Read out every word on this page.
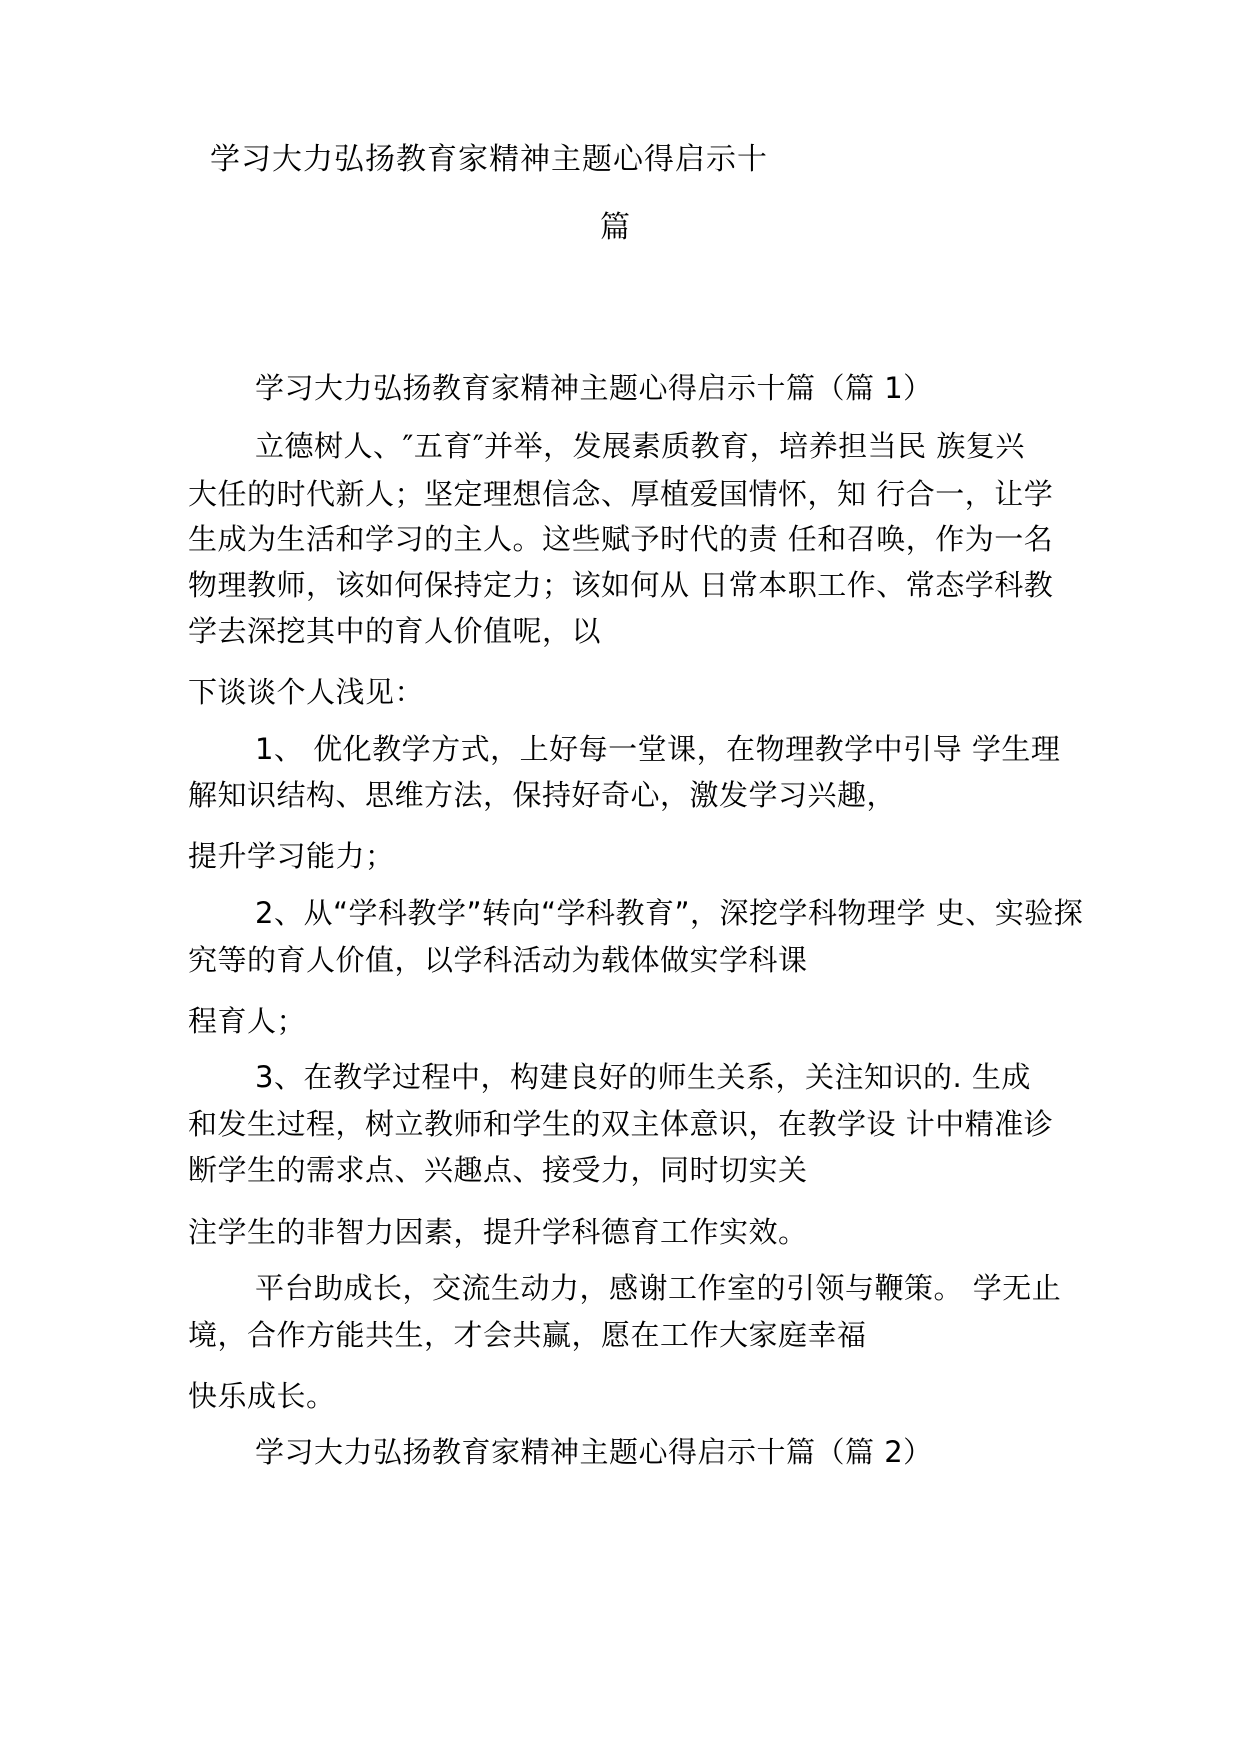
学习大力弘扬教育家精神主题心得启示十
篇
学习大力弘扬教育家精神主题心得启示十篇（篇 1）
立德树人、″五育″并举，发展素质教育，培养担当民 族复兴
大任的时代新人；坚定理想信念、厚植爱国情怀，知 行合一，让学
生成为生活和学习的主人。这些赋予时代的责 任和召唤，作为一名
物理教师，该如何保持定力；该如何从 日常本职工作、常态学科教
学去深挖其中的育人价值呢，以
下谈谈个人浅见：
1、 优化教学方式，上好每一堂课，在物理教学中引导 学生理
解知识结构、思维方法，保持好奇心，激发学习兴趣，
提升学习能力；
2、从“学科教学”转向“学科教育”，深挖学科物理学 史、实验探
究等的育人价值，以学科活动为载体做实学科课
程育人；
3、在教学过程中，构建良好的师生关系，关注知识的. 生成
和发生过程，树立教师和学生的双主体意识，在教学设 计中精准诊
断学生的需求点、兴趣点、接受力，同时切实关
注学生的非智力因素，提升学科德育工作实效。
平台助成长，交流生动力，感谢工作室的引领与鞭策。 学无止
境，合作方能共生，才会共赢，愿在工作大家庭幸福
快乐成长。
学习大力弘扬教育家精神主题心得启示十篇（篇 2）
